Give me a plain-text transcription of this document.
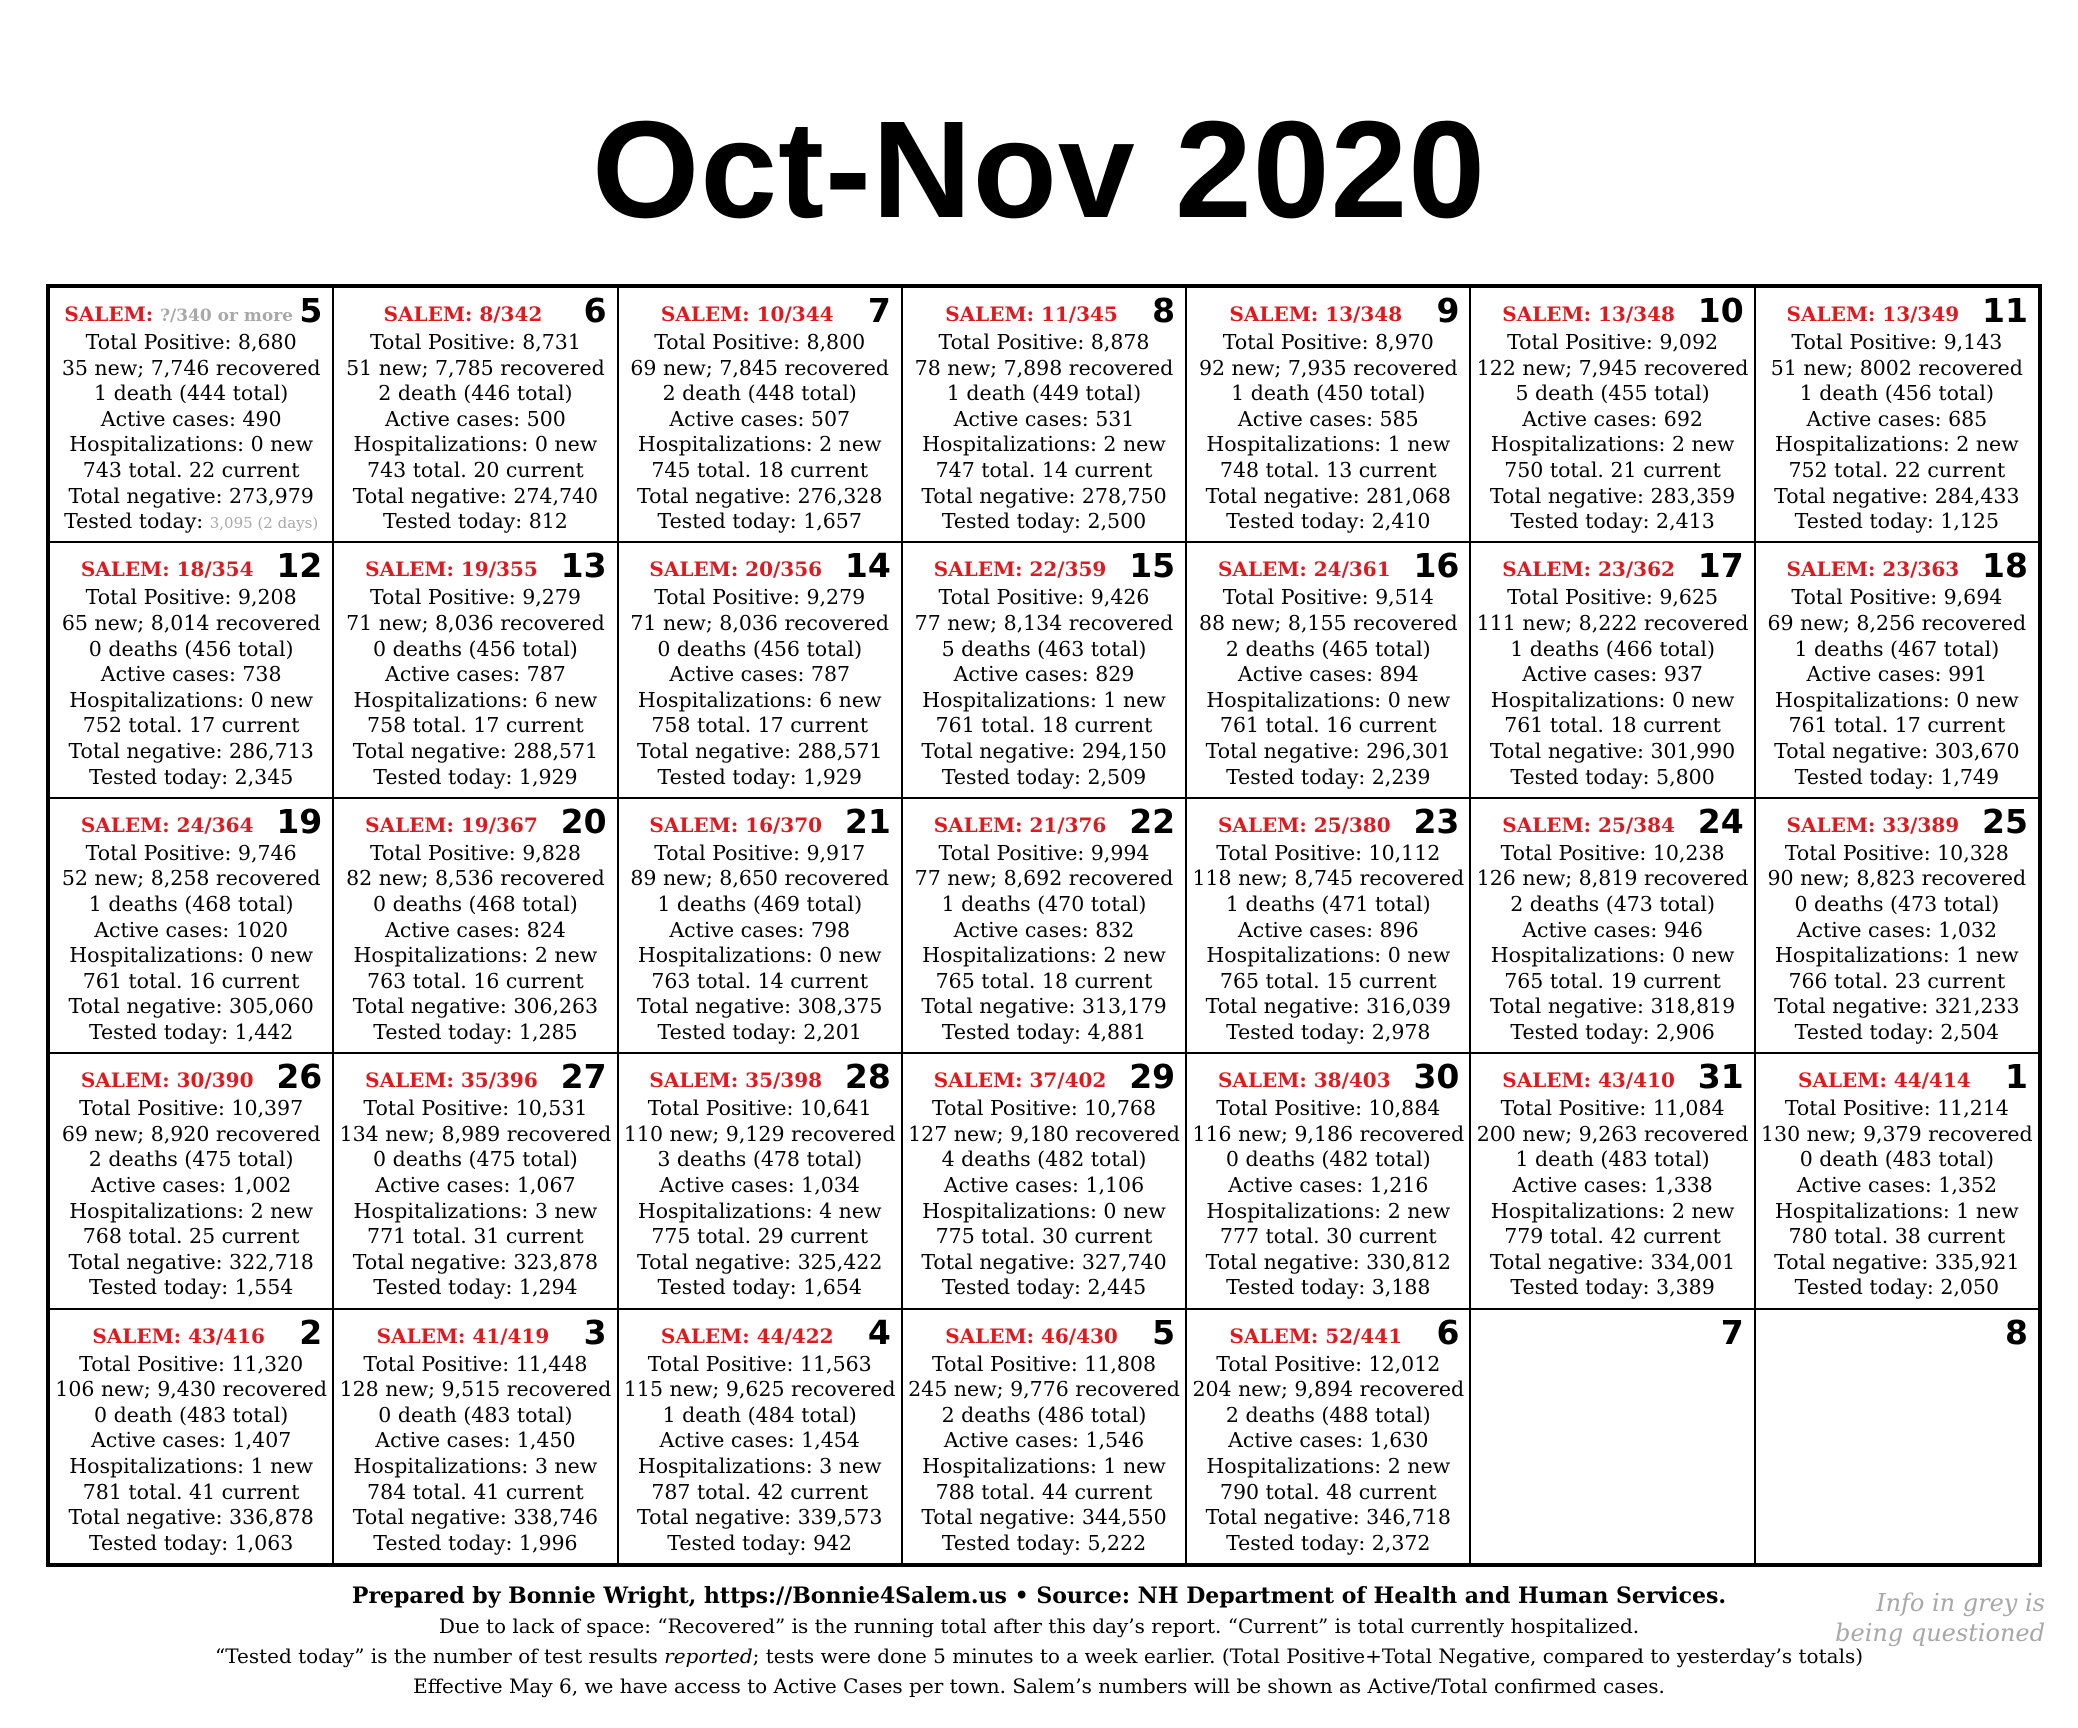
Oct-Nov 2020
SALEM: ?/340 or more 5
Total Positive: 8,680
35 new; 7,746 recovered
1 death (444 total)
Active cases: 490
Hospitalizations: 0 new
743 total. 22 current
Total negative: 273,979
Tested today: 3,095 (2 days)
SALEM: 8/342 6
Total Positive: 8,731
51 new; 7,785 recovered
2 death (446 total)
Active cases: 500
Hospitalizations: 0 new
743 total. 20 current
Total negative: 274,740
Tested today: 812
SALEM: 10/344 7
Total Positive: 8,800
69 new; 7,845 recovered
2 death (448 total)
Active cases: 507
Hospitalizations: 2 new
745 total. 18 current
Total negative: 276,328
Tested today: 1,657
SALEM: 11/345 8
Total Positive: 8,878
78 new; 7,898 recovered
1 death (449 total)
Active cases: 531
Hospitalizations: 2 new
747 total. 14 current
Total negative: 278,750
Tested today: 2,500
SALEM: 13/348 9
Total Positive: 8,970
92 new; 7,935 recovered
1 death (450 total)
Active cases: 585
Hospitalizations: 1 new
748 total. 13 current
Total negative: 281,068
Tested today: 2,410
SALEM: 13/348 10
Total Positive: 9,092
122 new; 7,945 recovered
5 death (455 total)
Active cases: 692
Hospitalizations: 2 new
750 total. 21 current
Total negative: 283,359
Tested today: 2,413
SALEM: 13/349 11
Total Positive: 9,143
51 new; 8002 recovered
1 death (456 total)
Active cases: 685
Hospitalizations: 2 new
752 total. 22 current
Total negative: 284,433
Tested today: 1,125
SALEM: 18/354 12
Total Positive: 9,208
65 new; 8,014 recovered
0 deaths (456 total)
Active cases: 738
Hospitalizations: 0 new
752 total. 17 current
Total negative: 286,713
Tested today: 2,345
SALEM: 19/355 13
Total Positive: 9,279
71 new; 8,036 recovered
0 deaths (456 total)
Active cases: 787
Hospitalizations: 6 new
758 total. 17 current
Total negative: 288,571
Tested today: 1,929
SALEM: 20/356 14
Total Positive: 9,279
71 new; 8,036 recovered
0 deaths (456 total)
Active cases: 787
Hospitalizations: 6 new
758 total. 17 current
Total negative: 288,571
Tested today: 1,929
SALEM: 22/359 15
Total Positive: 9,426
77 new; 8,134 recovered
5 deaths (463 total)
Active cases: 829
Hospitalizations: 1 new
761 total. 18 current
Total negative: 294,150
Tested today: 2,509
SALEM: 24/361 16
Total Positive: 9,514
88 new; 8,155 recovered
2 deaths (465 total)
Active cases: 894
Hospitalizations: 0 new
761 total. 16 current
Total negative: 296,301
Tested today: 2,239
SALEM: 23/362 17
Total Positive: 9,625
111 new; 8,222 recovered
1 deaths (466 total)
Active cases: 937
Hospitalizations: 0 new
761 total. 18 current
Total negative: 301,990
Tested today: 5,800
SALEM: 23/363 18
Total Positive: 9,694
69 new; 8,256 recovered
1 deaths (467 total)
Active cases: 991
Hospitalizations: 0 new
761 total. 17 current
Total negative: 303,670
Tested today: 1,749
SALEM: 24/364 19
Total Positive: 9,746
52 new; 8,258 recovered
1 deaths (468 total)
Active cases: 1020
Hospitalizations: 0 new
761 total. 16 current
Total negative: 305,060
Tested today: 1,442
SALEM: 19/367 20
Total Positive: 9,828
82 new; 8,536 recovered
0 deaths (468 total)
Active cases: 824
Hospitalizations: 2 new
763 total. 16 current
Total negative: 306,263
Tested today: 1,285
SALEM: 16/370 21
Total Positive: 9,917
89 new; 8,650 recovered
1 deaths (469 total)
Active cases: 798
Hospitalizations: 0 new
763 total. 14 current
Total negative: 308,375
Tested today: 2,201
SALEM: 21/376 22
Total Positive: 9,994
77 new; 8,692 recovered
1 deaths (470 total)
Active cases: 832
Hospitalizations: 2 new
765 total. 18 current
Total negative: 313,179
Tested today: 4,881
SALEM: 25/380 23
Total Positive: 10,112
118 new; 8,745 recovered
1 deaths (471 total)
Active cases: 896
Hospitalizations: 0 new
765 total. 15 current
Total negative: 316,039
Tested today: 2,978
SALEM: 25/384 24
Total Positive: 10,238
126 new; 8,819 recovered
2 deaths (473 total)
Active cases: 946
Hospitalizations: 0 new
765 total. 19 current
Total negative: 318,819
Tested today: 2,906
SALEM: 33/389 25
Total Positive: 10,328
90 new; 8,823 recovered
0 deaths (473 total)
Active cases: 1,032
Hospitalizations: 1 new
766 total. 23 current
Total negative: 321,233
Tested today: 2,504
SALEM: 30/390 26
Total Positive: 10,397
69 new; 8,920 recovered
2 deaths (475 total)
Active cases: 1,002
Hospitalizations: 2 new
768 total. 25 current
Total negative: 322,718
Tested today: 1,554
SALEM: 35/396 27
Total Positive: 10,531
134 new; 8,989 recovered
0 deaths (475 total)
Active cases: 1,067
Hospitalizations: 3 new
771 total. 31 current
Total negative: 323,878
Tested today: 1,294
SALEM: 35/398 28
Total Positive: 10,641
110 new; 9,129 recovered
3 deaths (478 total)
Active cases: 1,034
Hospitalizations: 4 new
775 total. 29 current
Total negative: 325,422
Tested today: 1,654
SALEM: 37/402 29
Total Positive: 10,768
127 new; 9,180 recovered
4 deaths (482 total)
Active cases: 1,106
Hospitalizations: 0 new
775 total. 30 current
Total negative: 327,740
Tested today: 2,445
SALEM: 38/403 30
Total Positive: 10,884
116 new; 9,186 recovered
0 deaths (482 total)
Active cases: 1,216
Hospitalizations: 2 new
777 total. 30 current
Total negative: 330,812
Tested today: 3,188
SALEM: 43/410 31
Total Positive: 11,084
200 new; 9,263 recovered
1 death (483 total)
Active cases: 1,338
Hospitalizations: 2 new
779 total. 42 current
Total negative: 334,001
Tested today: 3,389
SALEM: 44/414 1
Total Positive: 11,214
130 new; 9,379 recovered
0 death (483 total)
Active cases: 1,352
Hospitalizations: 1 new
780 total. 38 current
Total negative: 335,921
Tested today: 2,050
SALEM: 43/416 2
Total Positive: 11,320
106 new; 9,430 recovered
0 death (483 total)
Active cases: 1,407
Hospitalizations: 1 new
781 total. 41 current
Total negative: 336,878
Tested today: 1,063
SALEM: 41/419 3
Total Positive: 11,448
128 new; 9,515 recovered
0 death (483 total)
Active cases: 1,450
Hospitalizations: 3 new
784 total. 41 current
Total negative: 338,746
Tested today: 1,996
SALEM: 44/422 4
Total Positive: 11,563
115 new; 9,625 recovered
1 death (484 total)
Active cases: 1,454
Hospitalizations: 3 new
787 total. 42 current
Total negative: 339,573
Tested today: 942
SALEM: 46/430 5
Total Positive: 11,808
245 new; 9,776 recovered
2 deaths (486 total)
Active cases: 1,546
Hospitalizations: 1 new
788 total. 44 current
Total negative: 344,550
Tested today: 5,222
SALEM: 52/441 6
Total Positive: 12,012
204 new; 9,894 recovered
2 deaths (488 total)
Active cases: 1,630
Hospitalizations: 2 new
790 total. 48 current
Total negative: 346,718
Tested today: 2,372
7	8
Prepared by Bonnie Wright, https://Bonnie4Salem.us • Source: NH Department of Health and Human Services.
Due to lack of space: “Recovered” is the running total after this day’s report. “Current” is total currently hospitalized.
“Tested today” is the number of test results reported; tests were done 5 minutes to a week earlier. (Total Positive+Total Negative, compared to yesterday’s totals)
Effective May 6, we have access to Active Cases per town. Salem’s numbers will be shown as Active/Total confirmed cases.
Info in grey is
being questioned
